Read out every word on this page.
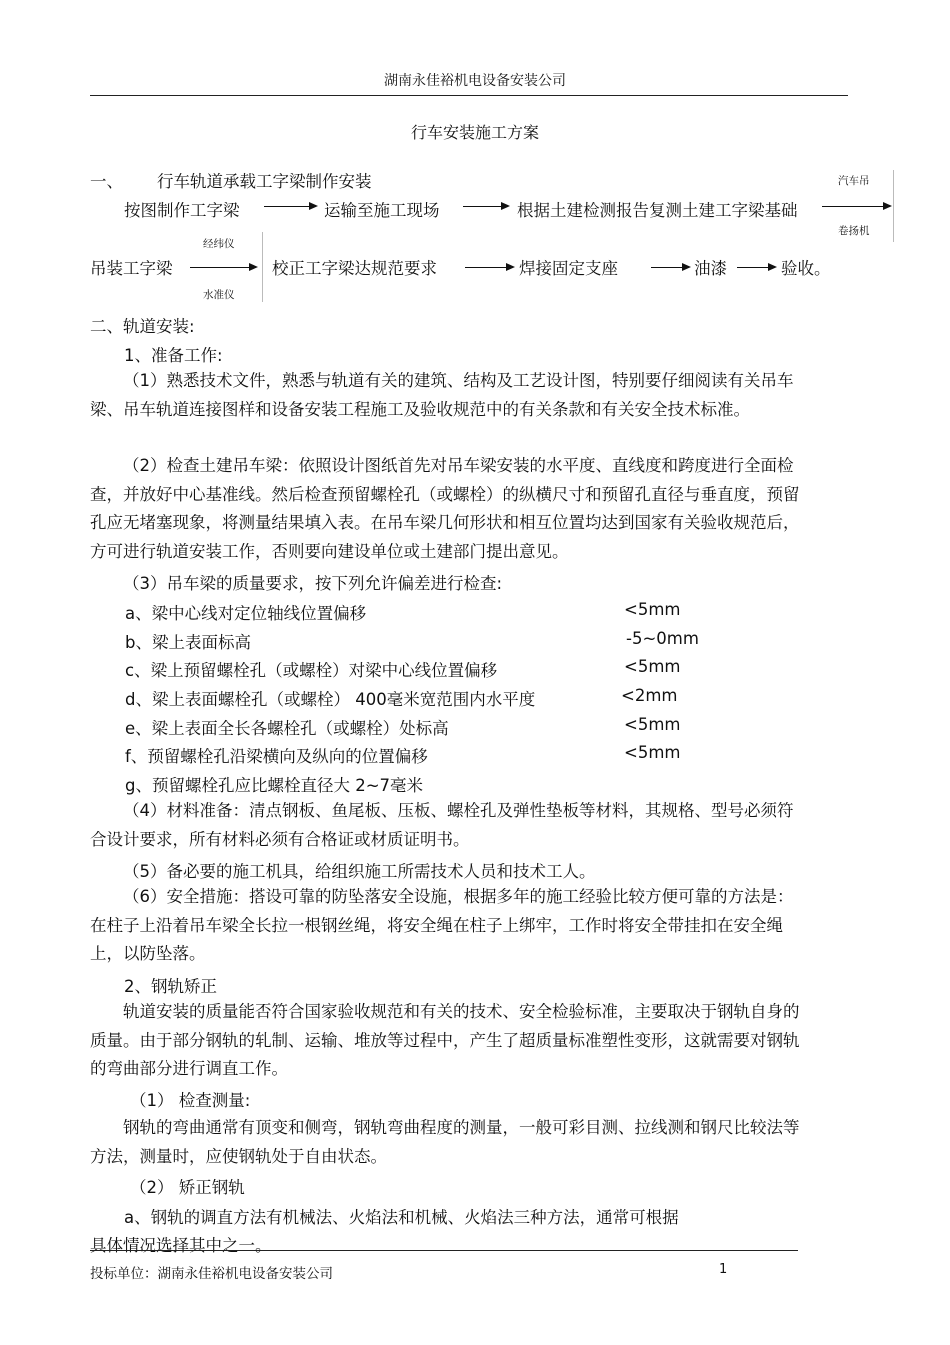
湖南永佳裕机电设备安装公司
行车安装施工方案
一、 行车轨道承载工字梁制作安装
按图制作工字梁	运输至施工现场	根据土建检测报告复测土建工字梁基础
汽车吊
卷扬机
吊装工字梁
经纬仪
水准仪
校正工字梁达规范要求	焊接固定支座	油漆	验收。
二、轨道安装:
1、准备工作:

（1）熟悉技术文件，熟悉与轨道有关的建筑、结构及工艺设计图，特别要仔细阅读有关吊车梁、吊车轨道连接图样和设备安装工程施工及验收规范中的有关条款和有关安全技术标准。

（2）检查土建吊车梁：依照设计图纸首先对吊车梁安装的水平度、直线度和跨度进行全面检查，并放好中心基准线。然后检查预留螺栓孔（或螺栓）的纵横尺寸和预留孔直径与垂直度，预留孔应无堵塞现象，将测量结果填入表。在吊车梁几何形状和相互位置均达到国家有关验收规范后，方可进行轨道安装工作，否则要向建设单位或土建部门提出意见。

（3）吊车梁的质量要求，按下列允许偏差进行检查:
a、梁中心线对定位轴线位置偏移	<5mm
b、梁上表面标高	-5~0mm
c、梁上预留螺栓孔（或螺栓）对梁中心线位置偏移	<5mm
d、梁上表面螺栓孔（或螺栓） 400毫米宽范围内水平度	<2mm
e、梁上表面全长各螺栓孔（或螺栓）处标高	<5mm
f、预留螺栓孔沿梁横向及纵向的位置偏移	<5mm
g、预留螺栓孔应比螺栓直径大 2~7毫米

（4）材料准备：清点钢板、鱼尾板、压板、螺栓孔及弹性垫板等材料，其规格、型号必须符合设计要求，所有材料必须有合格证或材质证明书。

（5）备必要的施工机具，给组织施工所需技术人员和技术工人。

（6）安全措施：搭设可靠的防坠落安全设施，根据多年的施工经验比较方便可靠的方法是：在柱子上沿着吊车梁全长拉一根钢丝绳，将安全绳在柱子上绑牢，工作时将安全带挂扣在安全绳上，以防坠落。

2、钢轨矫正

轨道安装的质量能否符合国家验收规范和有关的技术、安全检验标准，主要取决于钢轨自身的质量。由于部分钢轨的轧制、运输、堆放等过程中，产生了超质量标准塑性变形，这就需要对钢轨的弯曲部分进行调直工作。

（1） 检查测量:

钢轨的弯曲通常有顶变和侧弯，钢轨弯曲程度的测量，一般可彩目测、拉线测和钢尺比较法等方法，测量时，应使钢轨处于自由状态。

（2） 矫正钢轨
a、钢轨的调直方法有机械法、火焰法和机械、火焰法三种方法，通常可根据
具体情况选择其中之一。
投标单位：湖南永佳裕机电设备安装公司	1
